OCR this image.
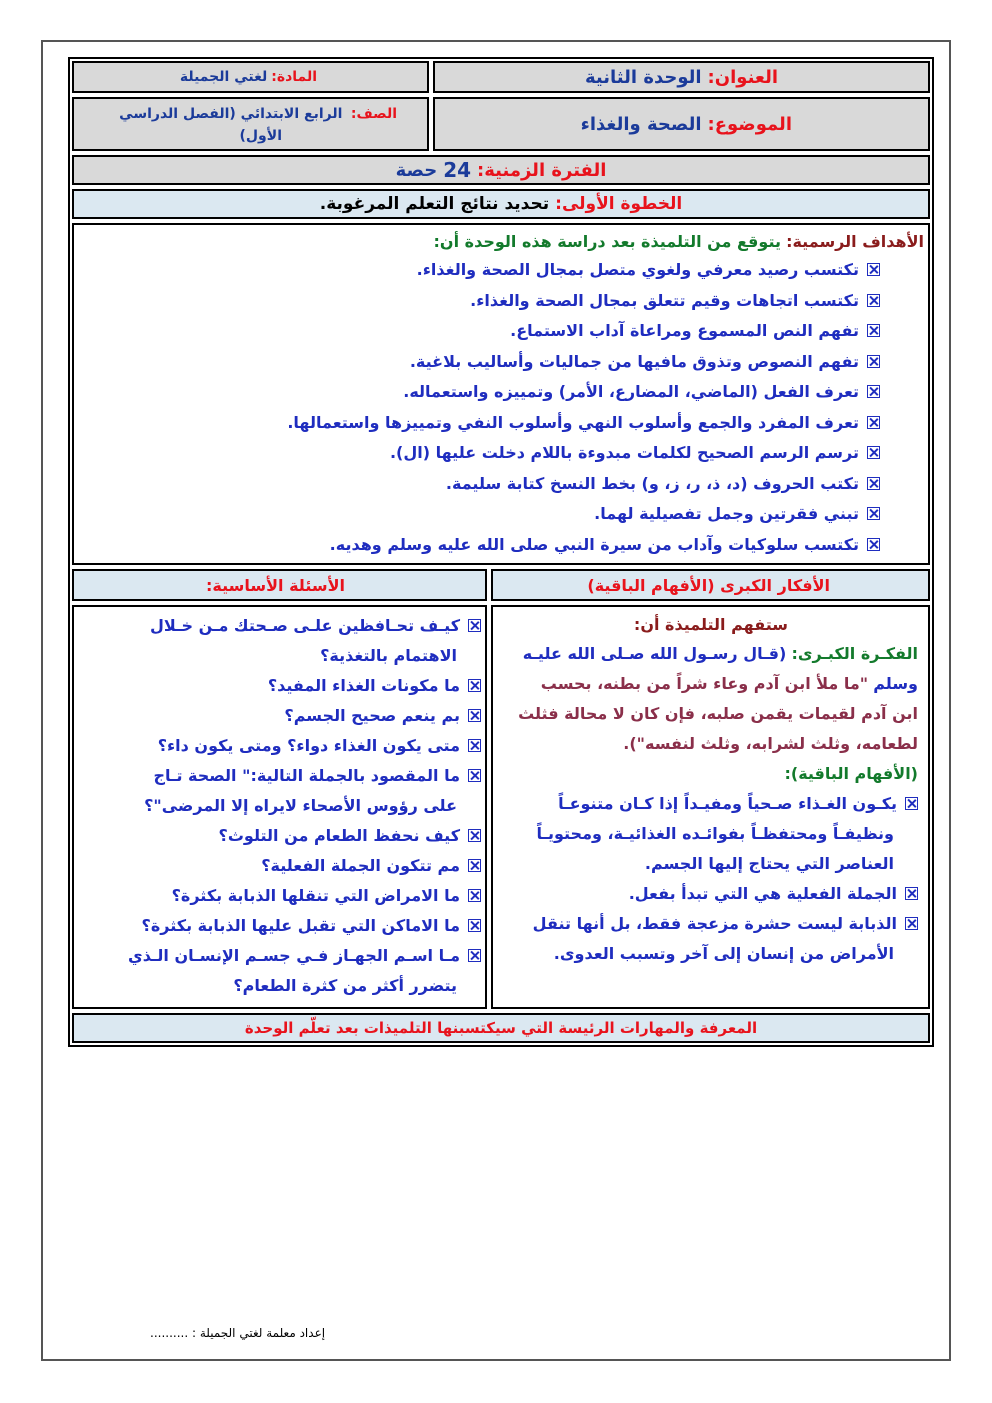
العنوان:
الوحدة الثانية
المادة:
لغتي الجميلة
الموضوع:
الصحة والغذاء
الصف: الرابع الابتدائي (الفصل الدراسي
الأول)
الفترة الزمنية:
24
حصة
الخطوة الأولى:
تحديد نتائج التعلم المرغوبة.
الأهداف الرسمية: يتوقع من التلميذة بعد دراسة هذه الوحدة أن:
تكتسب رصيد معرفي ولغوي متصل بمجال الصحة والغذاء.
تكتسب اتجاهات وقيم تتعلق بمجال الصحة والغذاء.
تفهم النص المسموع ومراعاة آداب الاستماع.
تفهم النصوص وتذوق مافيها من جماليات وأساليب بلاغية.
تعرف الفعل (الماضي، المضارع، الأمر) وتمييزه واستعماله.
تعرف المفرد والجمع وأسلوب النهي وأسلوب النفي وتمييزها واستعمالها.
ترسم الرسم الصحيح لكلمات مبدوءة باللام دخلت عليها (ال).
تكتب الحروف (د، ذ، ر، ز، و) بخط النسخ كتابة سليمة.
تبني فقرتين وجمل تفصيلية لهما.
تكتسب سلوكيات وآداب من سيرة النبي صلى الله عليه وسلم وهديه.
الأفكار الكبرى (الأفهام الباقية)
الأسئلة الأساسية:
ستفهم التلميذة أن:
الفكـرة الكبـرى: (قـال رسـول الله صـلى الله عليـه
وسلم "ما ملأ ابن آدم وعاء شراً من بطنه، بحسب
ابن آدم لقيمات يقمن صلبه، فإن كان لا محالة فثلث
لطعامه، وثلث لشرابه، وثلث لنفسه").
(الأفهام الباقية):
يكـون الغـذاء صـحياً ومفيـداً إذا كـان متنوعـاً
ونظيفـاً ومحتفظـاً بفوائـده الغذائيـة، ومحتويـاً
العناصر التي يحتاج إليها الجسم.
الجملة الفعلية هي التي تبدأ بفعل.
الذبابة ليست حشرة مزعجة فقط، بل أنها تنقل
الأمراض من إنسان إلى آخر وتسبب العدوى.
كيـف تحـافظين علـى صـحتك مـن خـلال
الاهتمام بالتغذية؟
ما مكونات الغذاء المفيد؟
بم ينعم صحيح الجسم؟
متى يكون الغذاء دواء؟ ومتى يكون داء؟
ما المقصود بالجملة التالية:" الصحة تـاج
على رؤوس الأصحاء لايراه إلا المرضى"؟
كيف نحفظ الطعام من التلوث؟
مم تتكون الجملة الفعلية؟
ما الامراض التي تنقلها الذبابة بكثرة؟
ما الاماكن التي تقبل عليها الذبابة بكثرة؟
مـا اسـم الجهـاز فـي جسـم الإنسـان الـذي
يتضرر أكثر من كثرة الطعام؟
المعرفة والمهارات الرئيسة التي سيكتسبنها التلميذات بعد تعلّم الوحدة
إعداد معلمة لغتي الجميلة : ..........
